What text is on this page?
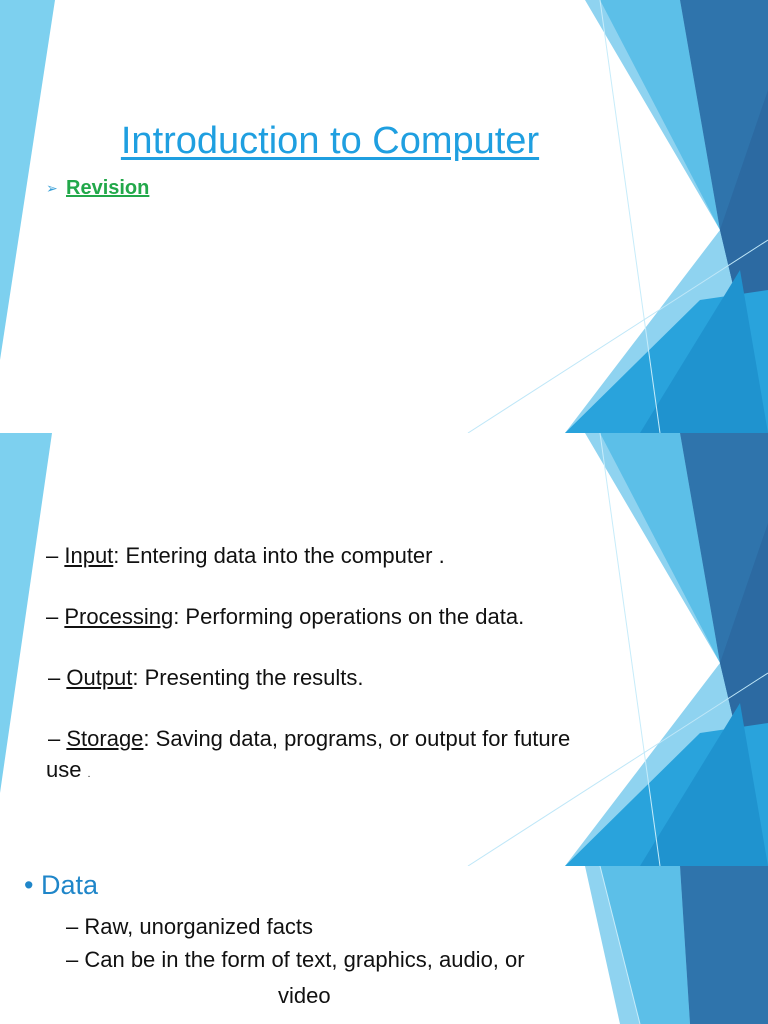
Introduction to Computer
➢ Revision
– Input: Entering data into the computer .
– Processing: Performing operations on the data.
– Output: Presenting the results.
– Storage: Saving data, programs, or output for future
use .
• Data
– Raw, unorganized facts
– Can be in the form of text, graphics, audio, or
video
